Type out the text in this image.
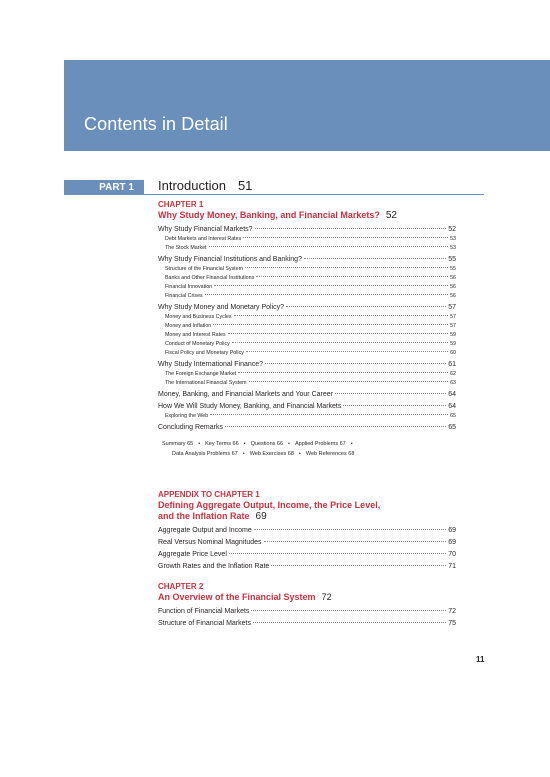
Contents in Detail
PART 1	Introduction 51
CHAPTER 1
Why Study Money, Banking, and Financial Markets? 52
Why Study Financial Markets?	52
Debt Markets and Interest Rates	53
The Stock Market	53
Why Study Financial Institutions and Banking?	55
Structure of the Financial System	55
Banks and Other Financial Institutions	56
Financial Innovation	56
Financial Crises	56
Why Study Money and Monetary Policy?	57
Money and Business Cycles	57
Money and Inflation	57
Money and Interest Rates	59
Conduct of Monetary Policy	59
Fiscal Policy and Monetary Policy	60
Why Study International Finance?	61
The Foreign Exchange Market	62
The International Financial System	63
Money, Banking, and Financial Markets and Your Career	64
How We Will Study Money, Banking, and Financial Markets	64
Exploring the Web	65
Concluding Remarks	65
Summary 65 • Key Terms 66 • Questions 66 • Applied Problems 67 •
Data Analysis Problems 67 • Web Exercises 68 • Web References 68
APPENDIX TO CHAPTER 1
Defining Aggregate Output, Income, the Price Level,
and the Inflation Rate 69
Aggregate Output and Income	69
Real Versus Nominal Magnitudes	69
Aggregate Price Level	70
Growth Rates and the Inflation Rate	71
CHAPTER 2
An Overview of the Financial System 72
Function of Financial Markets	72
Structure of Financial Markets	75
11
